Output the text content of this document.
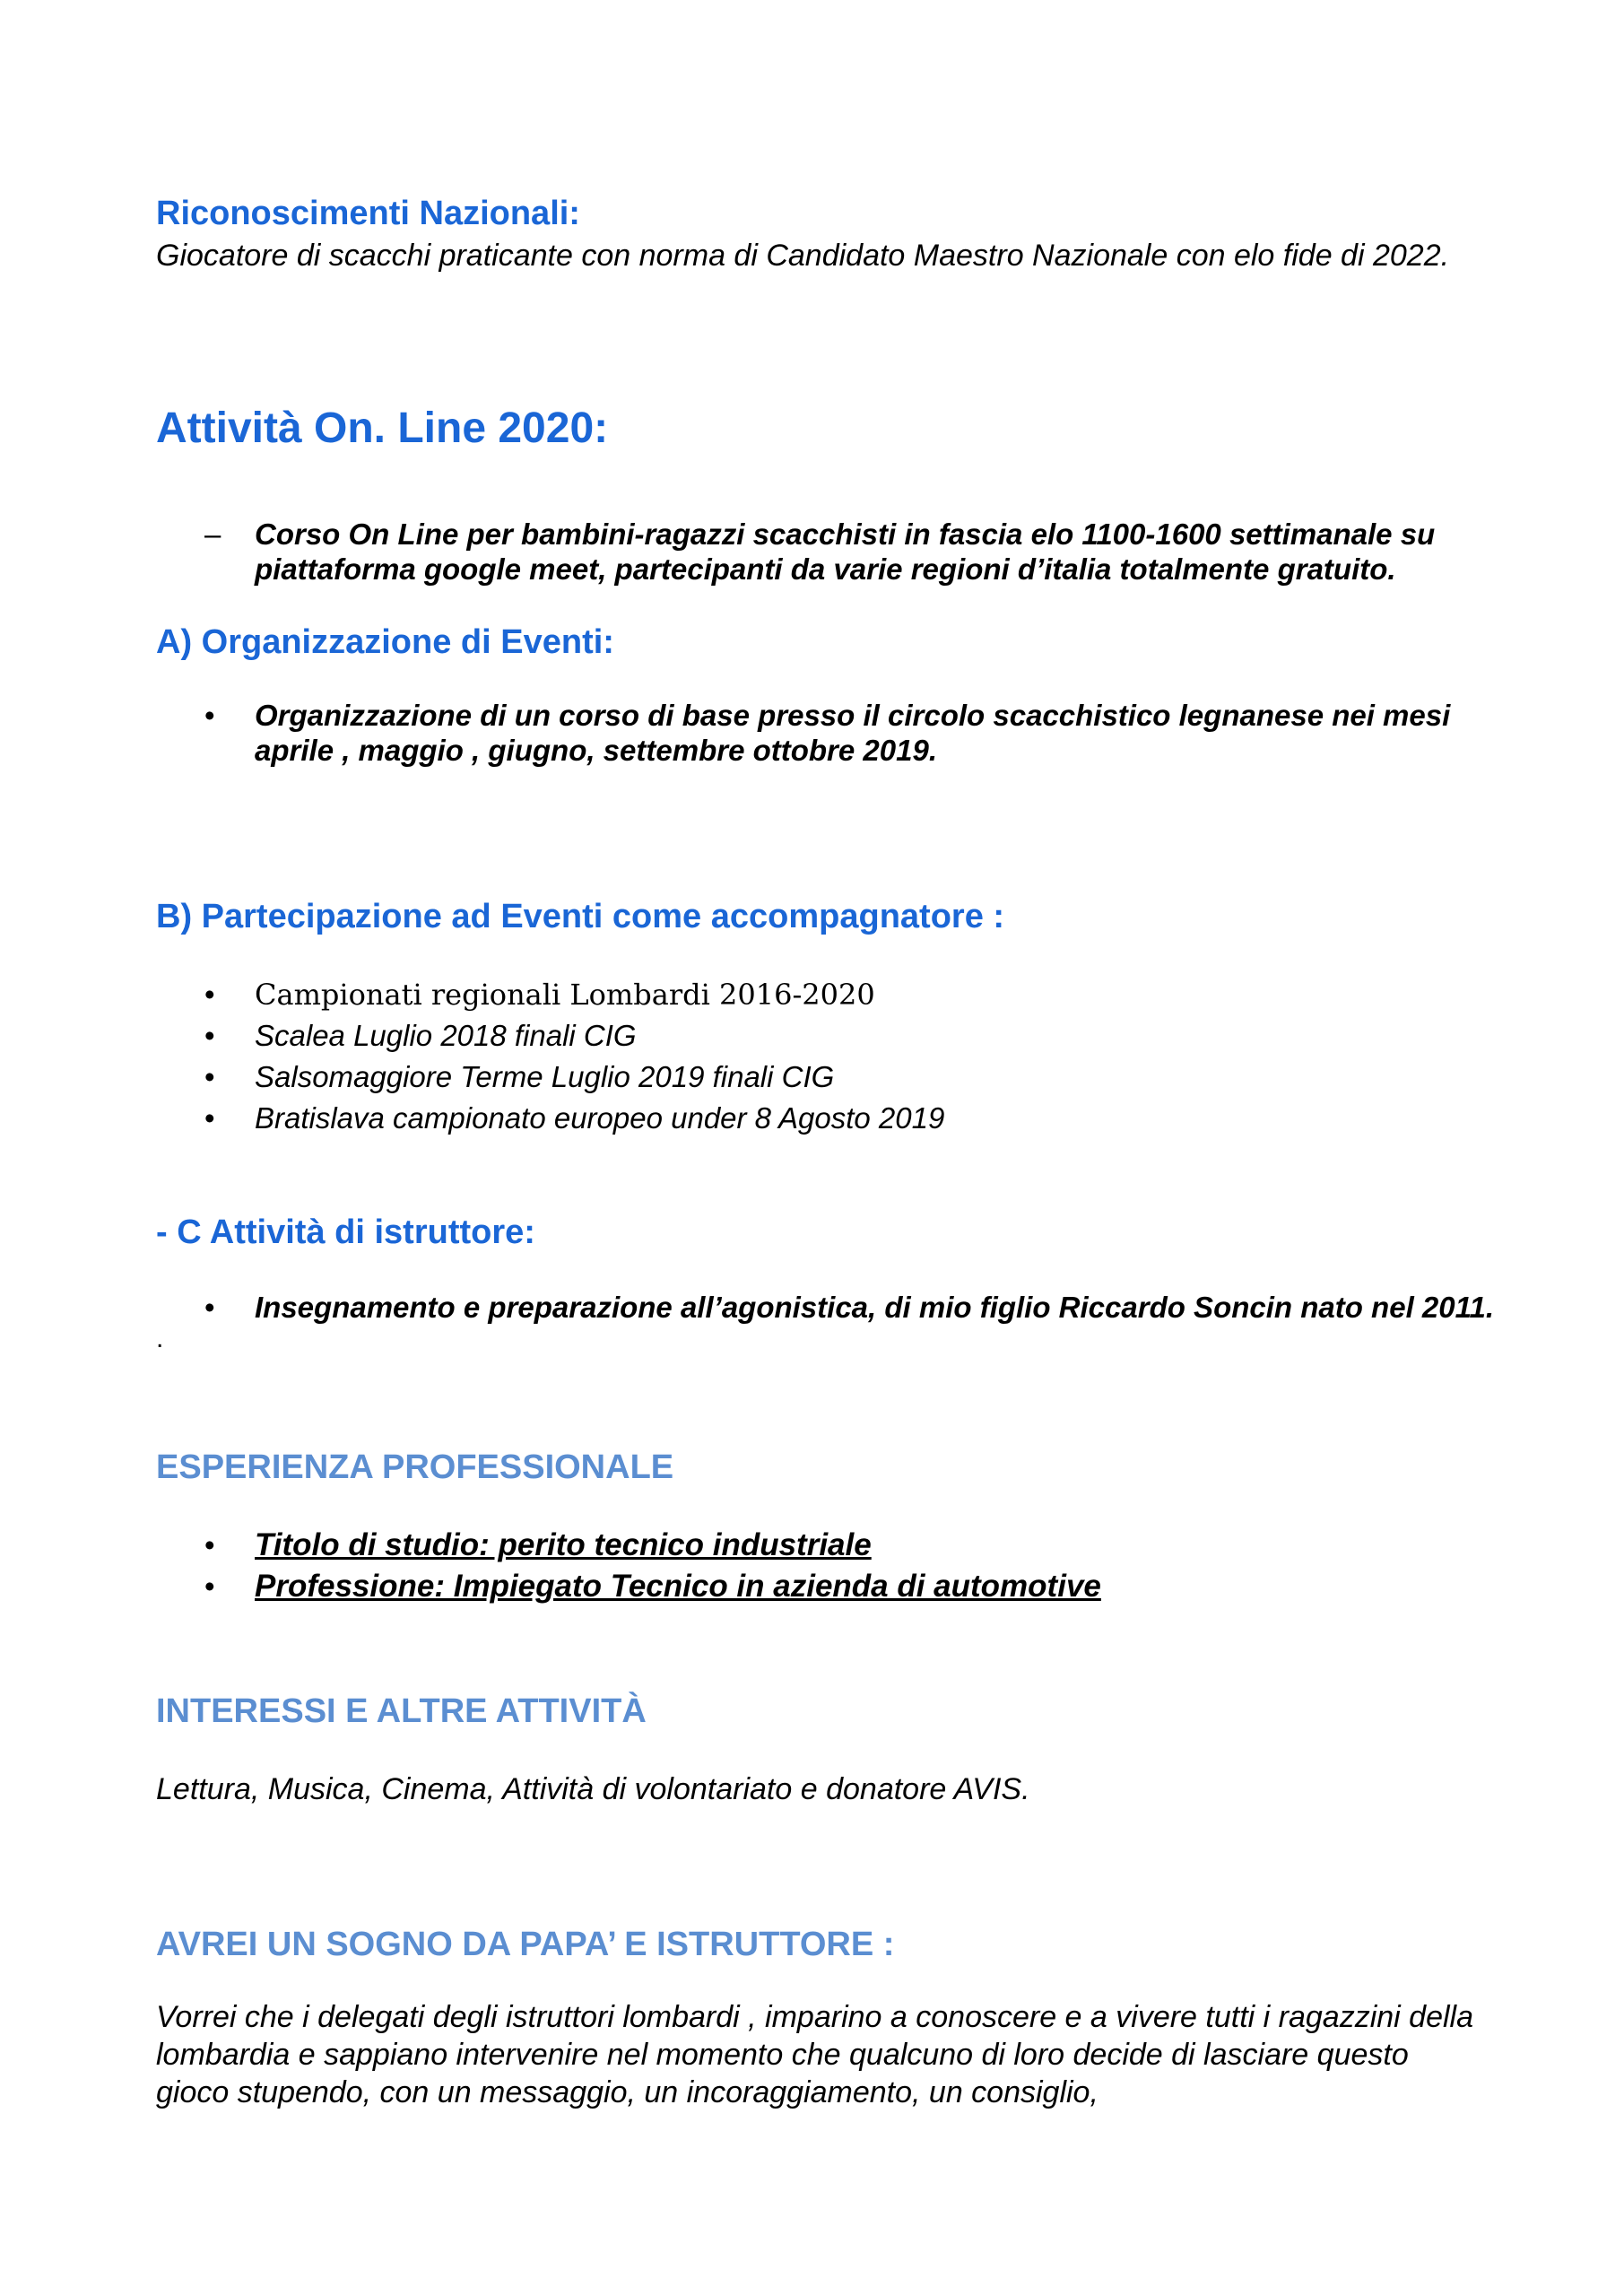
Riconoscimenti Nazionali:

Giocatore di scacchi praticante con norma di Candidato Maestro Nazionale con elo fide di 2022.

Attività On. Line 2020:
– Corso On Line per bambini-ragazzi scacchisti in fascia elo 1100-1600 settimanale su piattaforma google meet, partecipanti da varie regioni d’italia totalmente gratuito.
A) Organizzazione di Eventi:
• Organizzazione di un corso di base presso il circolo scacchistico legnanese nei mesi aprile , maggio , giugno, settembre ottobre 2019.
B) Partecipazione ad Eventi come accompagnatore :
• Campionati regionali Lombardi 2016-2020
• Scalea Luglio 2018 finali CIG
• Salsomaggiore Terme Luglio 2019 finali CIG
• Bratislava campionato europeo under 8 Agosto 2019
- C Attività di istruttore:
• Insegnamento e preparazione all’agonistica, di mio figlio Riccardo Soncin nato nel 2011.
.
ESPERIENZA PROFESSIONALE
• Titolo di studio: perito tecnico industriale
• Professione: Impiegato Tecnico in azienda di automotive
INTERESSI E ALTRE ATTIVITÀ

Lettura, Musica, Cinema, Attività di volontariato e donatore AVIS.

AVREI UN SOGNO DA PAPA’ E ISTRUTTORE :

Vorrei che i delegati degli istruttori lombardi , imparino a conoscere e a vivere tutti i ragazzini della lombardia e sappiano intervenire nel momento che qualcuno di loro decide di lasciare questo gioco stupendo, con un messaggio, un incoraggiamento, un consiglio,
